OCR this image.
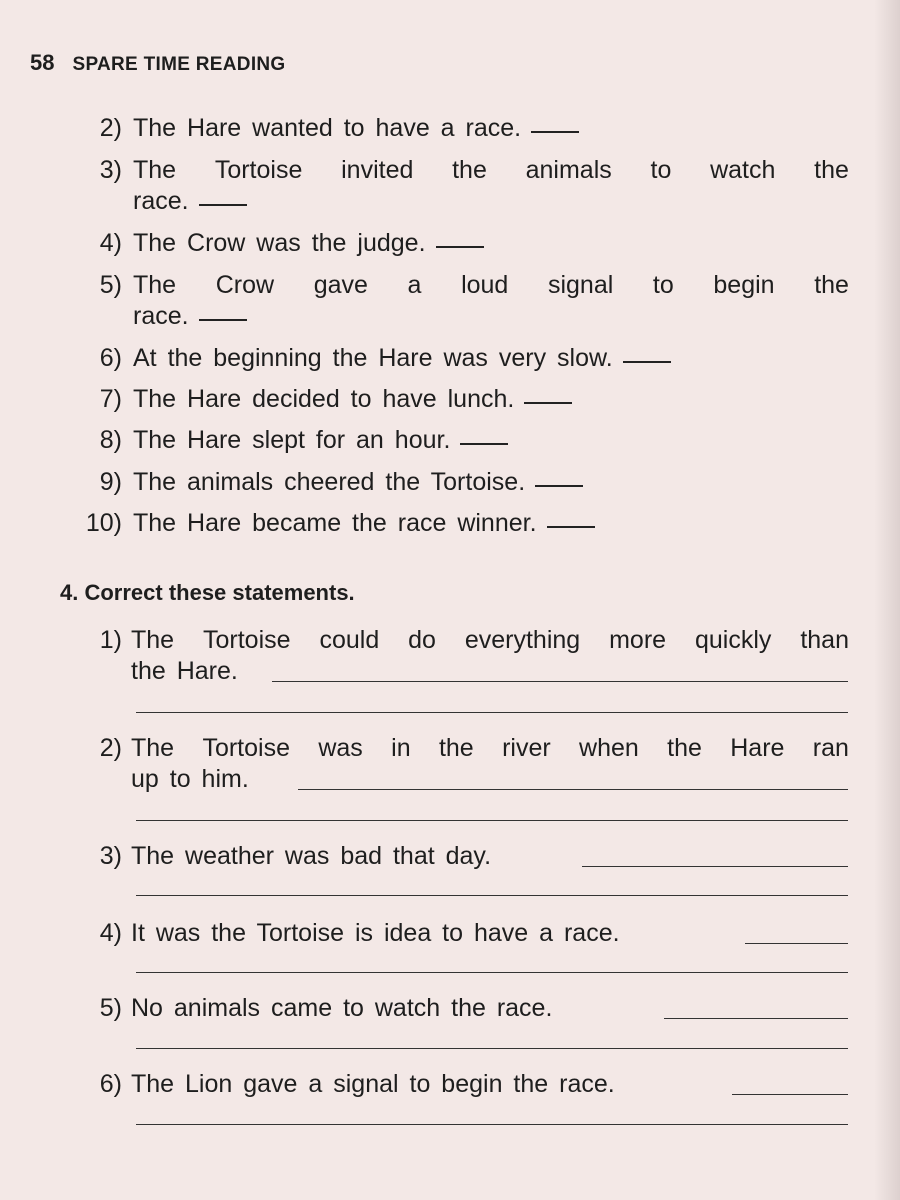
58 SPARE TIME READING
2) The Hare wanted to have a race.
3) The Tortoise invited the animals to watch the
race.
4) The Crow was the judge.
5) The Crow gave a loud signal to begin the
race.
6) At the beginning the Hare was very slow.
7) The Hare decided to have lunch.
8) The Hare slept for an hour.
9) The animals cheered the Tortoise.
10) The Hare became the race winner.
4. Correct these statements.
1) The Tortoise could do everything more quickly than
the Hare.
2) The Tortoise was in the river when the Hare ran
up to him.
3) The weather was bad that day.
4) It was the Tortoise is idea to have a race.
5) No animals came to watch the race.
6) The Lion gave a signal to begin the race.
